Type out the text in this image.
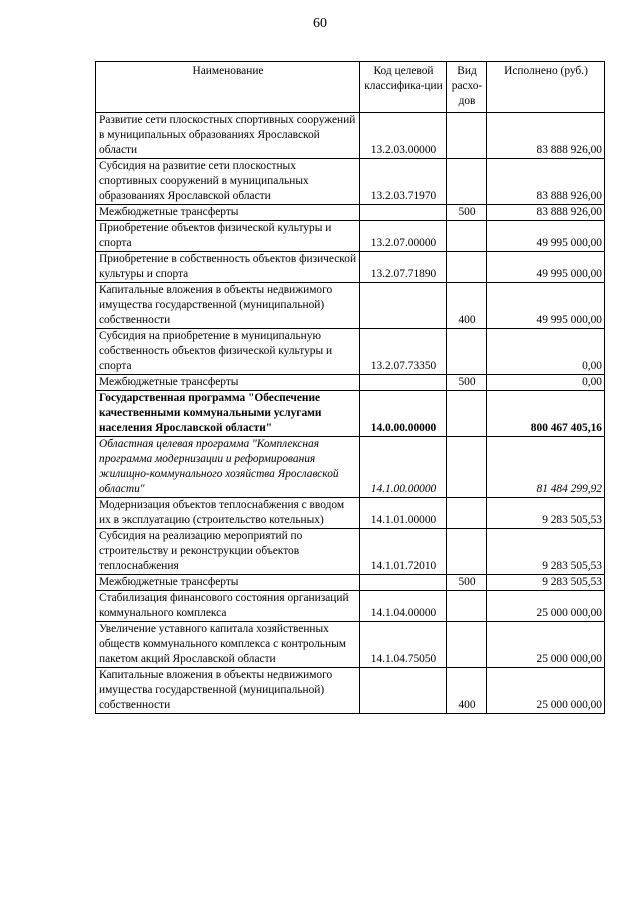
60
Наименование	Код целевой классифика-ции	Вид расхо-дов	Исполнено (руб.)
Развитие сети плоскостных спортивных сооружений в муниципальных образованиях Ярославской области	13.2.03.00000		83 888 926,00
Субсидия на развитие сети плоскостных спортивных сооружений в муниципальных образованиях Ярославской области	13.2.03.71970		83 888 926,00
Межбюджетные трансферты		500	83 888 926,00
Приобретение объектов физической культуры и спорта	13.2.07.00000		49 995 000,00
Приобретение в собственность объектов физической культуры и спорта	13.2.07.71890		49 995 000,00
Капитальные вложения в объекты недвижимого имущества государственной (муниципальной) собственности		400	49 995 000,00
Субсидия на приобретение в муниципальную собственность объектов физической культуры и спорта	13.2.07.73350		0,00
Межбюджетные трансферты		500	0,00
Государственная программа "Обеспечение качественными коммунальными услугами населения Ярославской области"	14.0.00.00000		800 467 405,16
Областная целевая программа "Комплексная программа модернизации и реформирования жилищно-коммунального хозяйства Ярославской области"	14.1.00.00000		81 484 299,92
Модернизация объектов теплоснабжения с вводом их в эксплуатацию (строительство котельных)	14.1.01.00000		9 283 505,53
Субсидия на реализацию мероприятий по строительству и реконструкции объектов теплоснабжения	14.1.01.72010		9 283 505,53
Межбюджетные трансферты		500	9 283 505,53
Стабилизация финансового состояния организаций коммунального комплекса	14.1.04.00000		25 000 000,00
Увеличение уставного капитала хозяйственных обществ коммунального комплекса с контрольным пакетом акций Ярославской области	14.1.04.75050		25 000 000,00
Капитальные вложения в объекты недвижимого имущества государственной (муниципальной) собственности		400	25 000 000,00
